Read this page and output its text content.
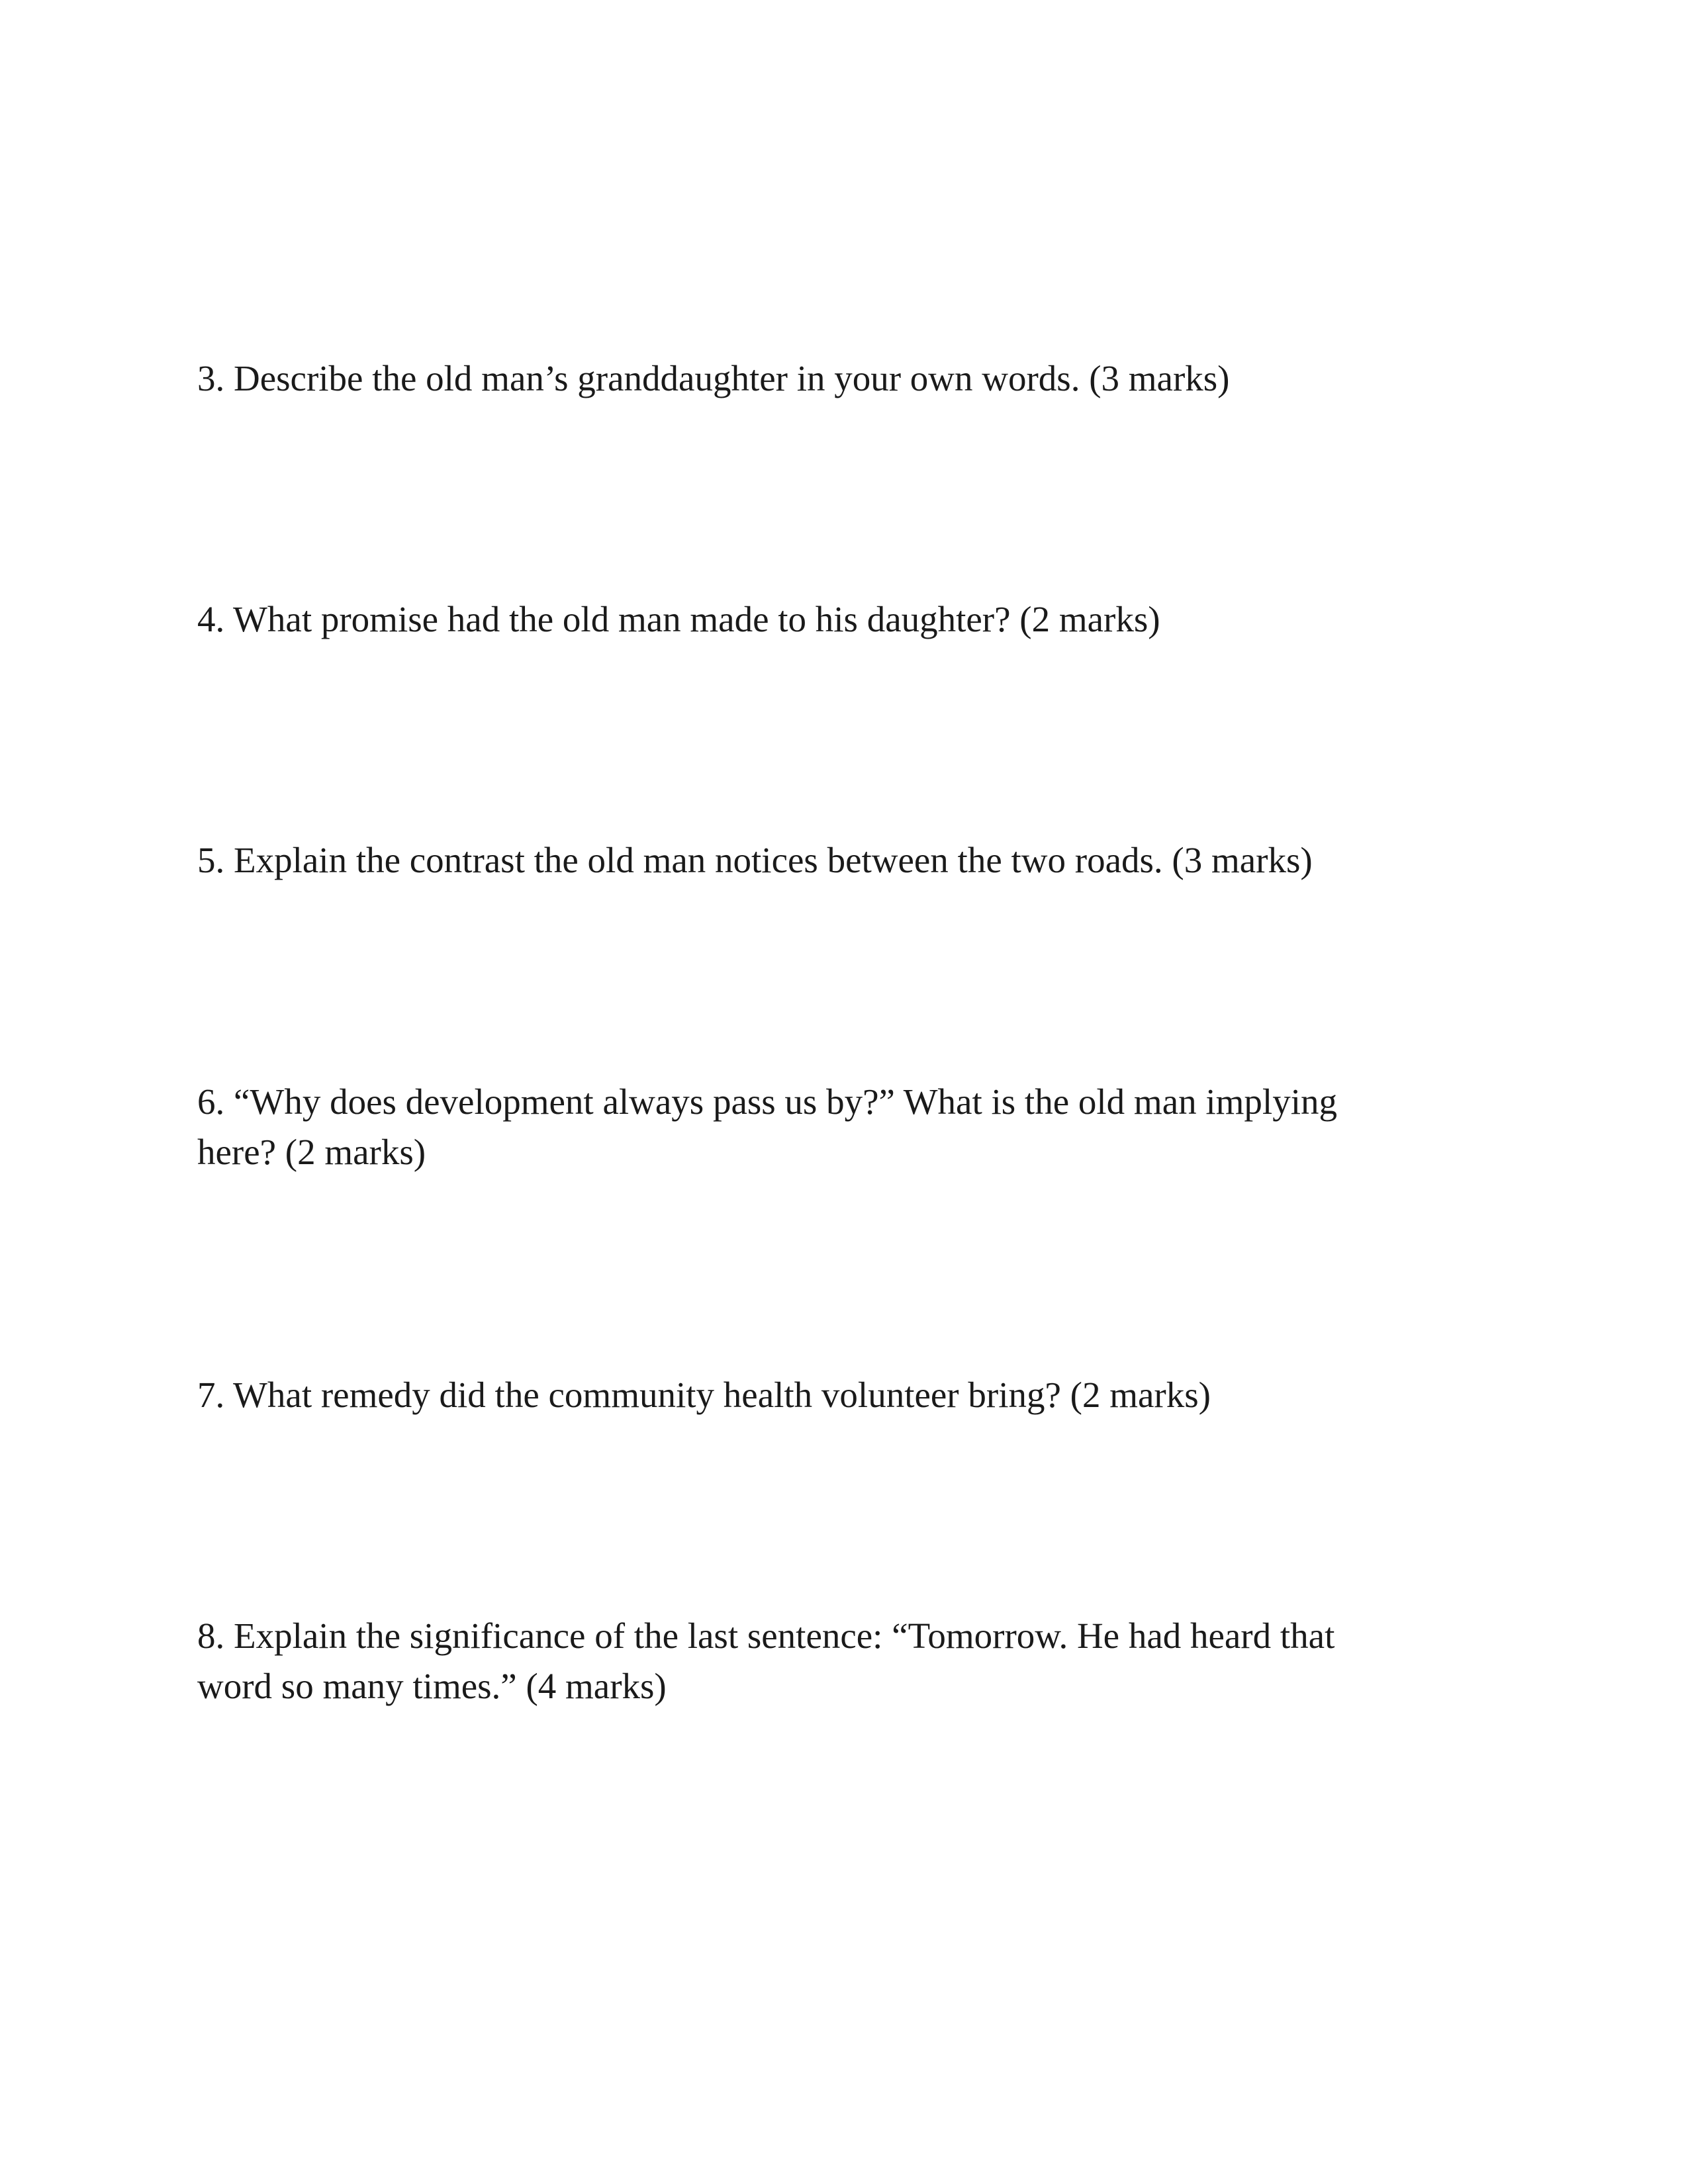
3. Describe the old man’s granddaughter in your own words. (3 marks)

4. What promise had the old man made to his daughter? (2 marks)

5. Explain the contrast the old man notices between the two roads. (3 marks)

6. “Why does development always pass us by?” What is the old man implying
here? (2 marks)

7. What remedy did the community health volunteer bring? (2 marks)

8. Explain the significance of the last sentence: “Tomorrow. He had heard that
word so many times.” (4 marks)
